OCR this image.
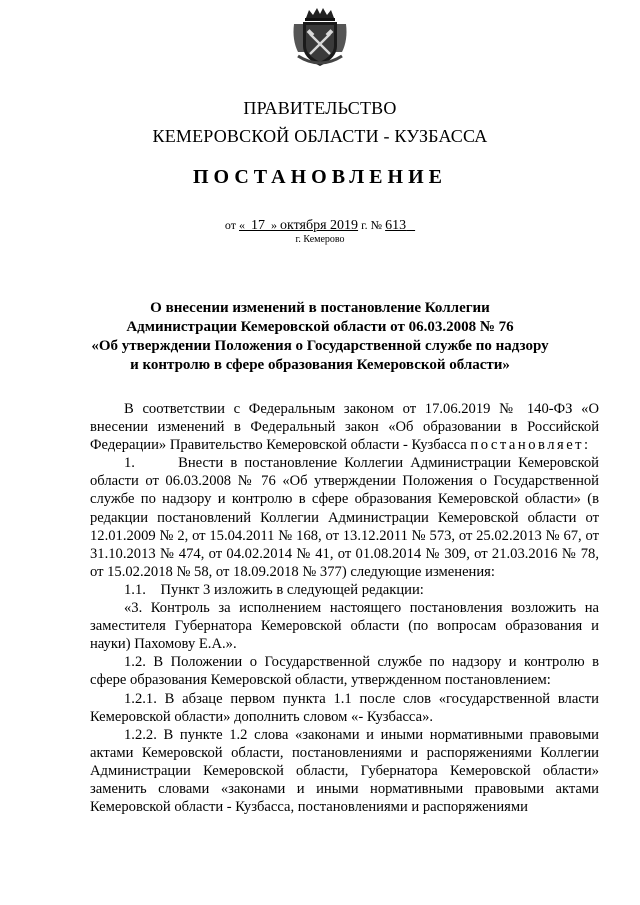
ПРАВИТЕЛЬСТВО
КЕМЕРОВСКОЙ ОБЛАСТИ - КУЗБАССА
ПОСТАНОВЛЕНИЕ
от « 17 » октября 2019 г. № 613
г. Кемерово
О внесении изменений в постановление Коллегии
Администрации Кемеровской области от 06.03.2008 № 76
«Об утверждении Положения о Государственной службе по надзору
и контролю в сфере образования Кемеровской области»

В соответствии с Федеральным законом от 17.06.2019 № 140-ФЗ «О внесении изменений в Федеральный закон «Об образовании в Российской Федерации» Правительство Кемеровской области - Кузбасса постановляет:

1.      Внести в постановление Коллегии Администрации Кемеровской области от 06.03.2008 № 76 «Об утверждении Положения о Государственной службе по надзору и контролю в сфере образования Кемеровской области» (в редакции постановлений Коллегии Администрации Кемеровской области от 12.01.2009 № 2, от 15.04.2011 № 168, от 13.12.2011 № 573, от 25.02.2013 № 67, от 31.10.2013 № 474, от 04.02.2014 № 41, от 01.08.2014 № 309, от 21.03.2016 № 78, от 15.02.2018 № 58, от 18.09.2018 № 377) следующие изменения:

1.1.    Пункт 3 изложить в следующей редакции:

«3. Контроль за исполнением настоящего постановления возложить на заместителя Губернатора Кемеровской области (по вопросам образования и науки) Пахомову Е.А.».

1.2. В Положении о Государственной службе по надзору и контролю в сфере образования Кемеровской области, утвержденном постановлением:

1.2.1. В абзаце первом пункта 1.1 после слов «государственной власти Кемеровской области» дополнить словом «- Кузбасса».

1.2.2. В пункте 1.2 слова «законами и иными нормативными правовыми актами Кемеровской области, постановлениями и распоряжениями Коллегии Администрации Кемеровской области, Губернатора Кемеровской области» заменить словами «законами и иными нормативными правовыми актами Кемеровской области - Кузбасса, постановлениями и распоряжениями
